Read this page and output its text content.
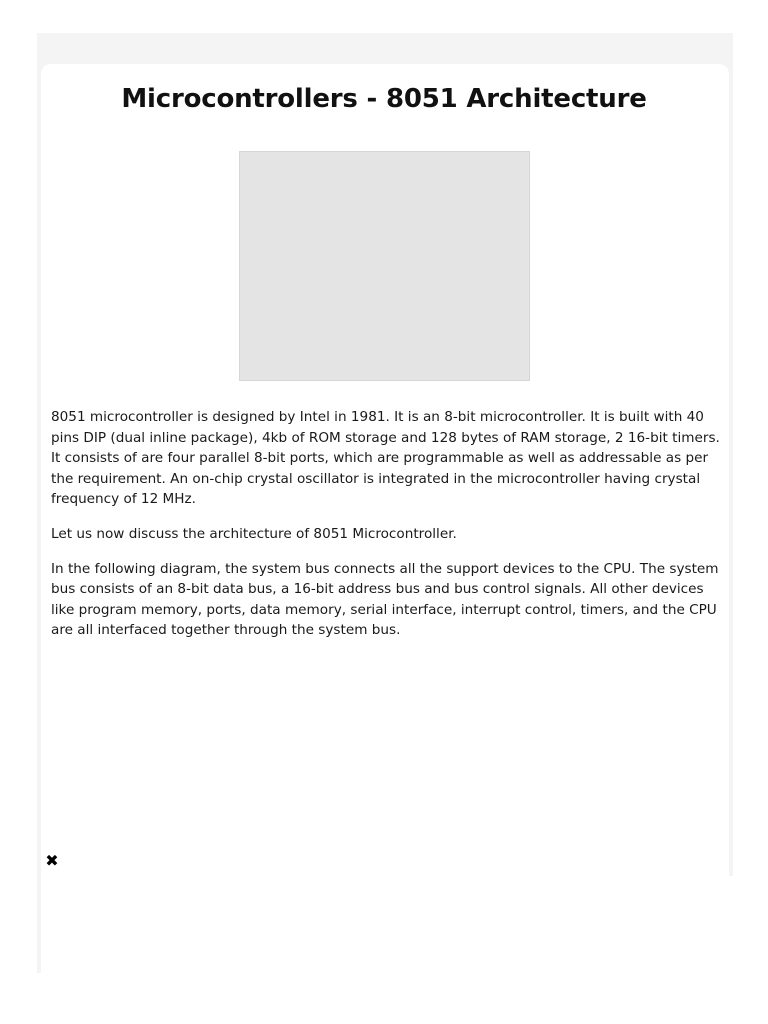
Microcontrollers - 8051 Architecture

8051 microcontroller is designed by Intel in 1981. It is an 8-bit microcontroller. It is built with 40 pins DIP (dual inline package), 4kb of ROM storage and 128 bytes of RAM storage, 2 16-bit timers. It consists of are four parallel 8-bit ports, which are programmable as well as addressable as per the requirement. An on-chip crystal oscillator is integrated in the microcontroller having crystal frequency of 12 MHz.

Let us now discuss the architecture of 8051 Microcontroller.

In the following diagram, the system bus connects all the support devices to the CPU. The system bus consists of an 8-bit data bus, a 16-bit address bus and bus control signals. All other devices like program memory, ports, data memory, serial interface, interrupt control, timers, and the CPU are all interfaced together through the system bus.

✖
